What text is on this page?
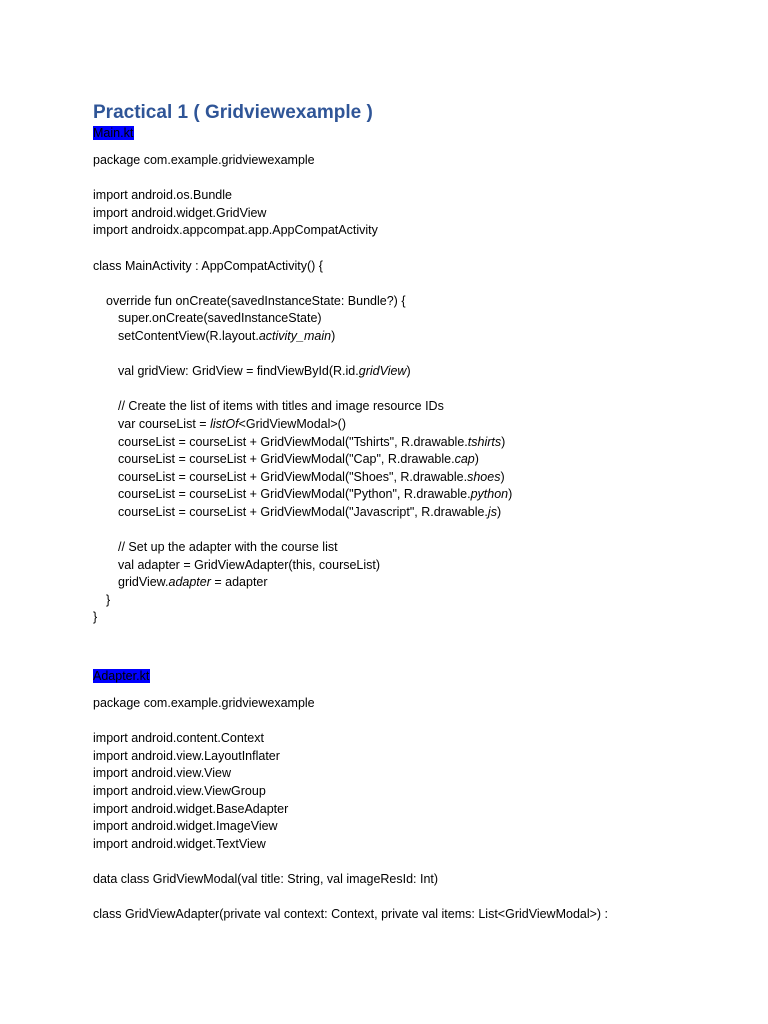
Practical 1 ( Gridviewexample )
Main.kt
package com.example.gridviewexample
import android.os.Bundle
import android.widget.GridView
import androidx.appcompat.app.AppCompatActivity
class MainActivity : AppCompatActivity() {
override fun onCreate(savedInstanceState: Bundle?) {
super.onCreate(savedInstanceState)
setContentView(R.layout.activity_main)
val gridView: GridView = findViewById(R.id.gridView)
// Create the list of items with titles and image resource IDs
var courseList = listOf<GridViewModal>()
courseList = courseList + GridViewModal("Tshirts", R.drawable.tshirts)
courseList = courseList + GridViewModal("Cap", R.drawable.cap)
courseList = courseList + GridViewModal("Shoes", R.drawable.shoes)
courseList = courseList + GridViewModal("Python", R.drawable.python)
courseList = courseList + GridViewModal("Javascript", R.drawable.js)
// Set up the adapter with the course list
val adapter = GridViewAdapter(this, courseList)
gridView.adapter = adapter
}
}
Adapter.kt
package com.example.gridviewexample
import android.content.Context
import android.view.LayoutInflater
import android.view.View
import android.view.ViewGroup
import android.widget.BaseAdapter
import android.widget.ImageView
import android.widget.TextView
data class GridViewModal(val title: String, val imageResId: Int)
class GridViewAdapter(private val context: Context, private val items: List<GridViewModal>) :
